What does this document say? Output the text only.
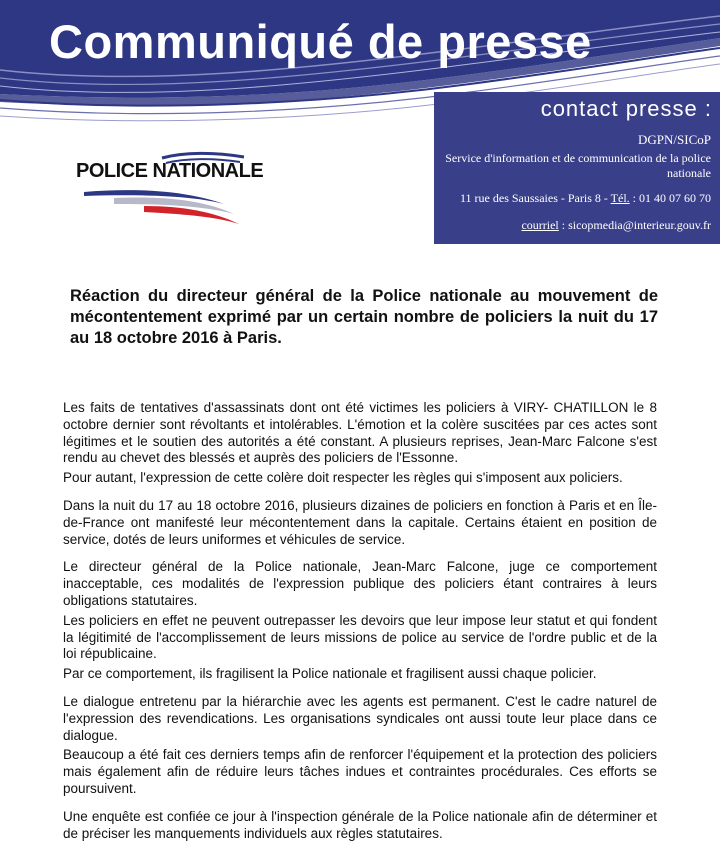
Communiqué de presse
contact presse :
DGPN/SICoP
Service d'information et de communication de la police nationale
11 rue des Saussaies - Paris 8 - Tél. : 01 40 07 60 70
courriel : sicopmedia@interieur.gouv.fr
POLICE NATIONALE
Réaction du directeur général de la Police nationale au mouvement de mécontentement exprimé par un certain nombre de policiers la nuit du 17 au 18 octobre 2016 à Paris.

Les faits de tentatives d'assassinats dont ont été victimes les policiers à VIRY- CHATILLON le 8 octobre dernier sont révoltants et intolérables. L'émotion et la colère suscitées par ces actes sont légitimes et le soutien des autorités a été constant. A plusieurs reprises, Jean-Marc Falcone s'est rendu au chevet des blessés et auprès des policiers de l'Essonne.

Pour autant, l'expression de cette colère doit respecter les règles qui s'imposent aux policiers.

Dans la nuit du 17 au 18 octobre 2016, plusieurs dizaines de policiers en fonction à Paris et en Île-de-France ont manifesté leur mécontentement dans la capitale. Certains étaient en position de service, dotés de leurs uniformes et véhicules de service.

Le directeur général de la Police nationale, Jean-Marc Falcone, juge ce comportement inacceptable, ces modalités de l'expression publique des policiers étant contraires à leurs obligations statutaires.

Les policiers en effet ne peuvent outrepasser les devoirs que leur impose leur statut et qui fondent la légitimité de l'accomplissement de leurs missions de police au service de l'ordre public et de la loi républicaine.

Par ce comportement, ils fragilisent la Police nationale et fragilisent aussi chaque policier.

Le dialogue entretenu par la hiérarchie avec les agents est permanent. C'est le cadre naturel de l'expression des revendications. Les organisations syndicales ont aussi toute leur place dans ce dialogue.

Beaucoup a été fait ces derniers temps afin de renforcer l'équipement et la protection des policiers mais également afin de réduire leurs tâches indues et contraintes procédurales. Ces efforts se poursuivent.

Une enquête est confiée ce jour à l'inspection générale de la Police nationale afin de déterminer et de préciser les manquements individuels aux règles statutaires.
